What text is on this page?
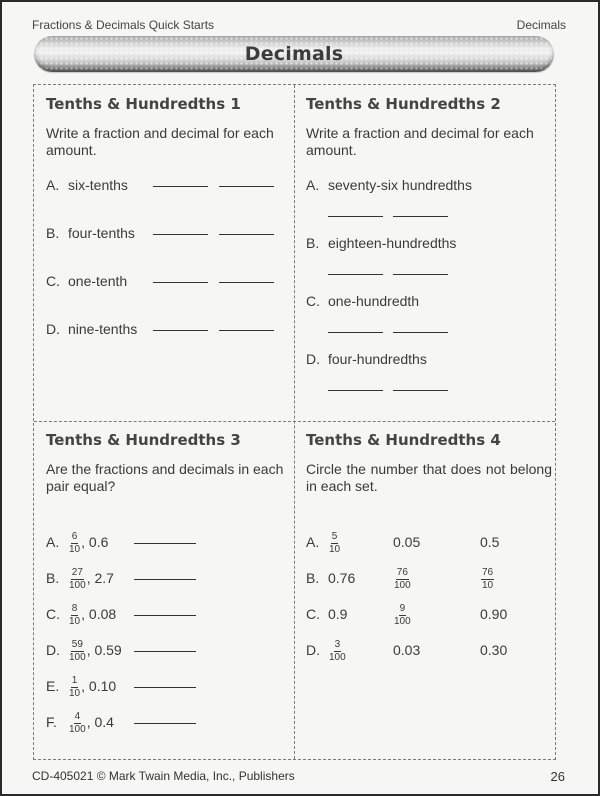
Fractions & Decimals Quick Starts	Decimals
Decimals
Tenths & Hundredths 1

Write a fraction and decimal for each amount.

A. six-tenths
B. four-tenths
C. one-tenth
D. nine-tenths
Tenths & Hundredths 2

Write a fraction and decimal for each amount.

A. seventy-six hundredths
B. eighteen-hundredths
C. one-hundredth
D. four-hundredths
Tenths & Hundredths 3

Are the fractions and decimals in each pair equal?

A. $\frac{6}{10}$ , 0.6
B. $\frac{27}{100}$ , 2.7
C. $\frac{8}{10}$ , 0.08
D. $\frac{59}{100}$ , 0.59
E. $\frac{1}{10}$ , 0.10
F. $\frac{4}{100}$ , 0.4
Tenths & Hundredths 4

Circle the number that does not belong in each set.

A. $\frac{5}{10}$	0.05	0.5
B. 0.76	$\frac{76}{100}$	$\frac{76}{10}$
C. 0.9	$\frac{9}{100}$	0.90
D. $\frac{3}{100}$	0.03	0.30
CD-405021 © Mark Twain Media, Inc., Publishers	26
